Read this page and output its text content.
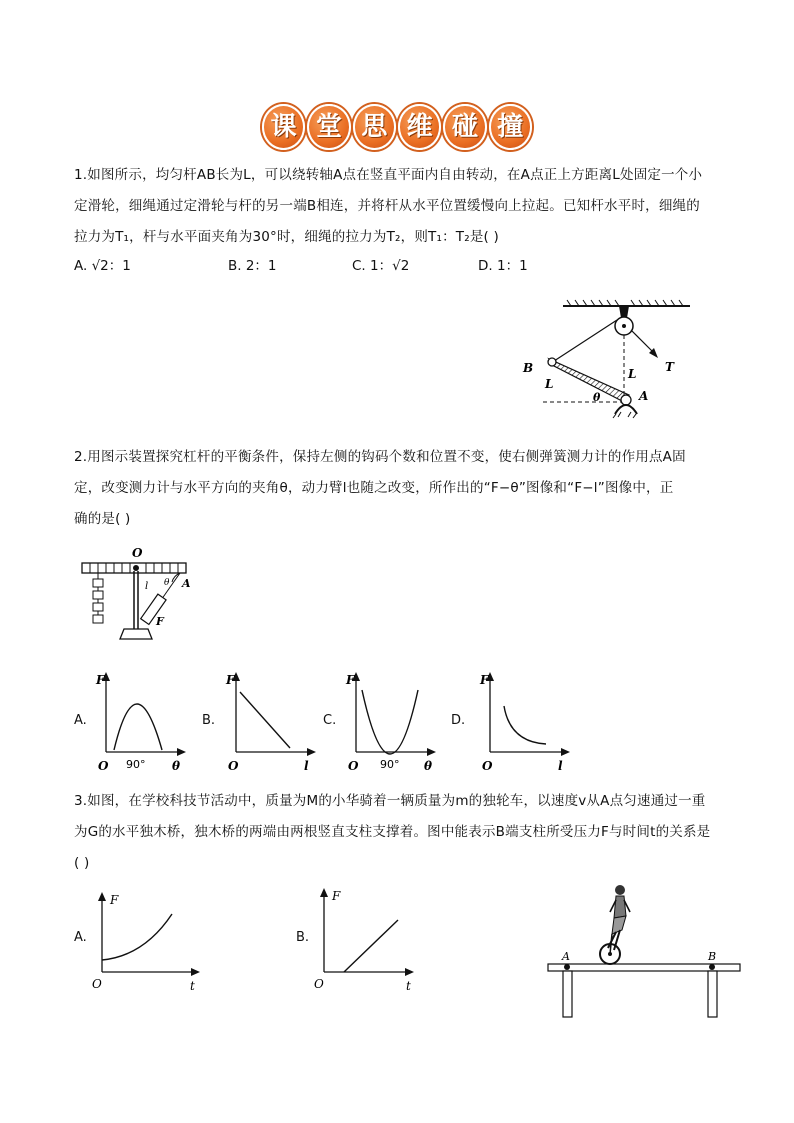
课 堂 思 维 碰 撞
1.如图所示，均匀杆AB长为L，可以绕转轴A点在竖直平面内自由转动，在A点正上方距离L处固定一个小
定滑轮，细绳通过定滑轮与杆的另一端B相连，并将杆从水平位置缓慢向上拉起。已知杆水平时，细绳的
拉力为T₁，杆与水平面夹角为30°时，细绳的拉力为T₂，则T₁：T₂是( )
A. √2：1	B. 2：1	C. 1：√2	D. 1：1
B
L
L
θ	A
T
2.用图示装置探究杠杆的平衡条件，保持左侧的钩码个数和位置不变，使右侧弹簧测力计的作用点A固
定，改变测力计与水平方向的夹角θ，动力臂l也随之改变，所作出的“F−θ”图像和“F−l”图像中，正
确的是( )
O
A
l θ
F
A.	B.	C.	D.
F
O 90° θ
F
O	l
F
O 90° θ
F
O	l
3.如图，在学校科技节活动中，质量为M的小华骑着一辆质量为m的独轮车，以速度v从A点匀速通过一重
为G的水平独木桥，独木桥的两端由两根竖直支柱支撑着。图中能表示B端支柱所受压力F与时间t的关系是
( )
A.	B.
F
O	t
F
O	t
A	B
